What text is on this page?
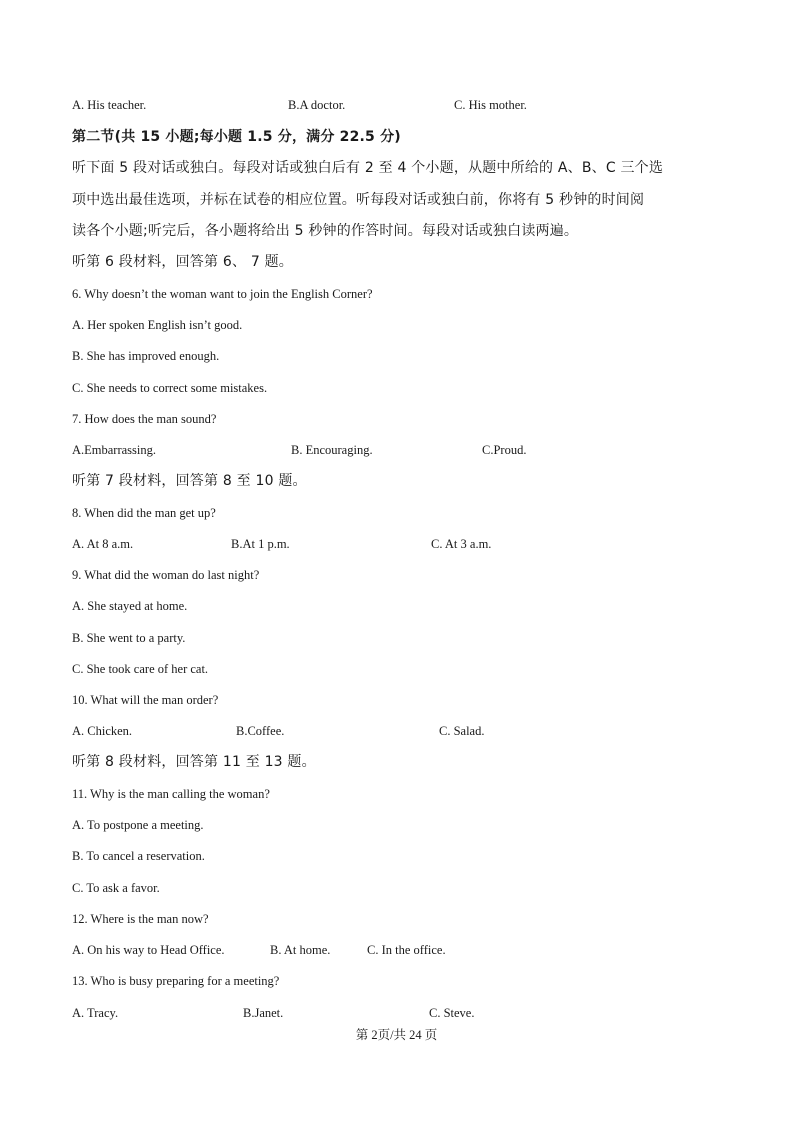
A. His teacher.	B.A doctor.	C. His mother.
第二节(共 15 小题;每小题 1.5 分，满分 22.5 分)
听下面 5 段对话或独白。每段对话或独白后有 2 至 4 个小题，从题中所给的 A、B、C 三个选
项中选出最佳选项，并标在试卷的相应位置。听每段对话或独白前，你将有 5 秒钟的时间阅
读各个小题;听完后，各小题将给出 5 秒钟的作答时间。每段对话或独白读两遍。
听第 6 段材料，回答第 6、 7 题。
6. Why doesn’t the woman want to join the English Corner?
A. Her spoken English isn’t good.
B. She has improved enough.
C. She needs to correct some mistakes.
7. How does the man sound?
A.Embarrassing.	B. Encouraging.	C.Proud.
听第 7 段材料，回答第 8 至 10 题。
8. When did the man get up?
A. At 8 a.m.	B.At 1 p.m.	C. At 3 a.m.
9. What did the woman do last night?
A. She stayed at home.
B. She went to a party.
C. She took care of her cat.
10. What will the man order?
A. Chicken.	B.Coffee.	C. Salad.
听第 8 段材料，回答第 11 至 13 题。
11. Why is the man calling the woman?
A. To postpone a meeting.
B. To cancel a reservation.
C. To ask a favor.
12. Where is the man now?
A. On his way to Head Office.	B. At home.	C. In the office.
13. Who is busy preparing for a meeting?
A. Tracy.	B.Janet.	C. Steve.
第 2页/共 24 页
